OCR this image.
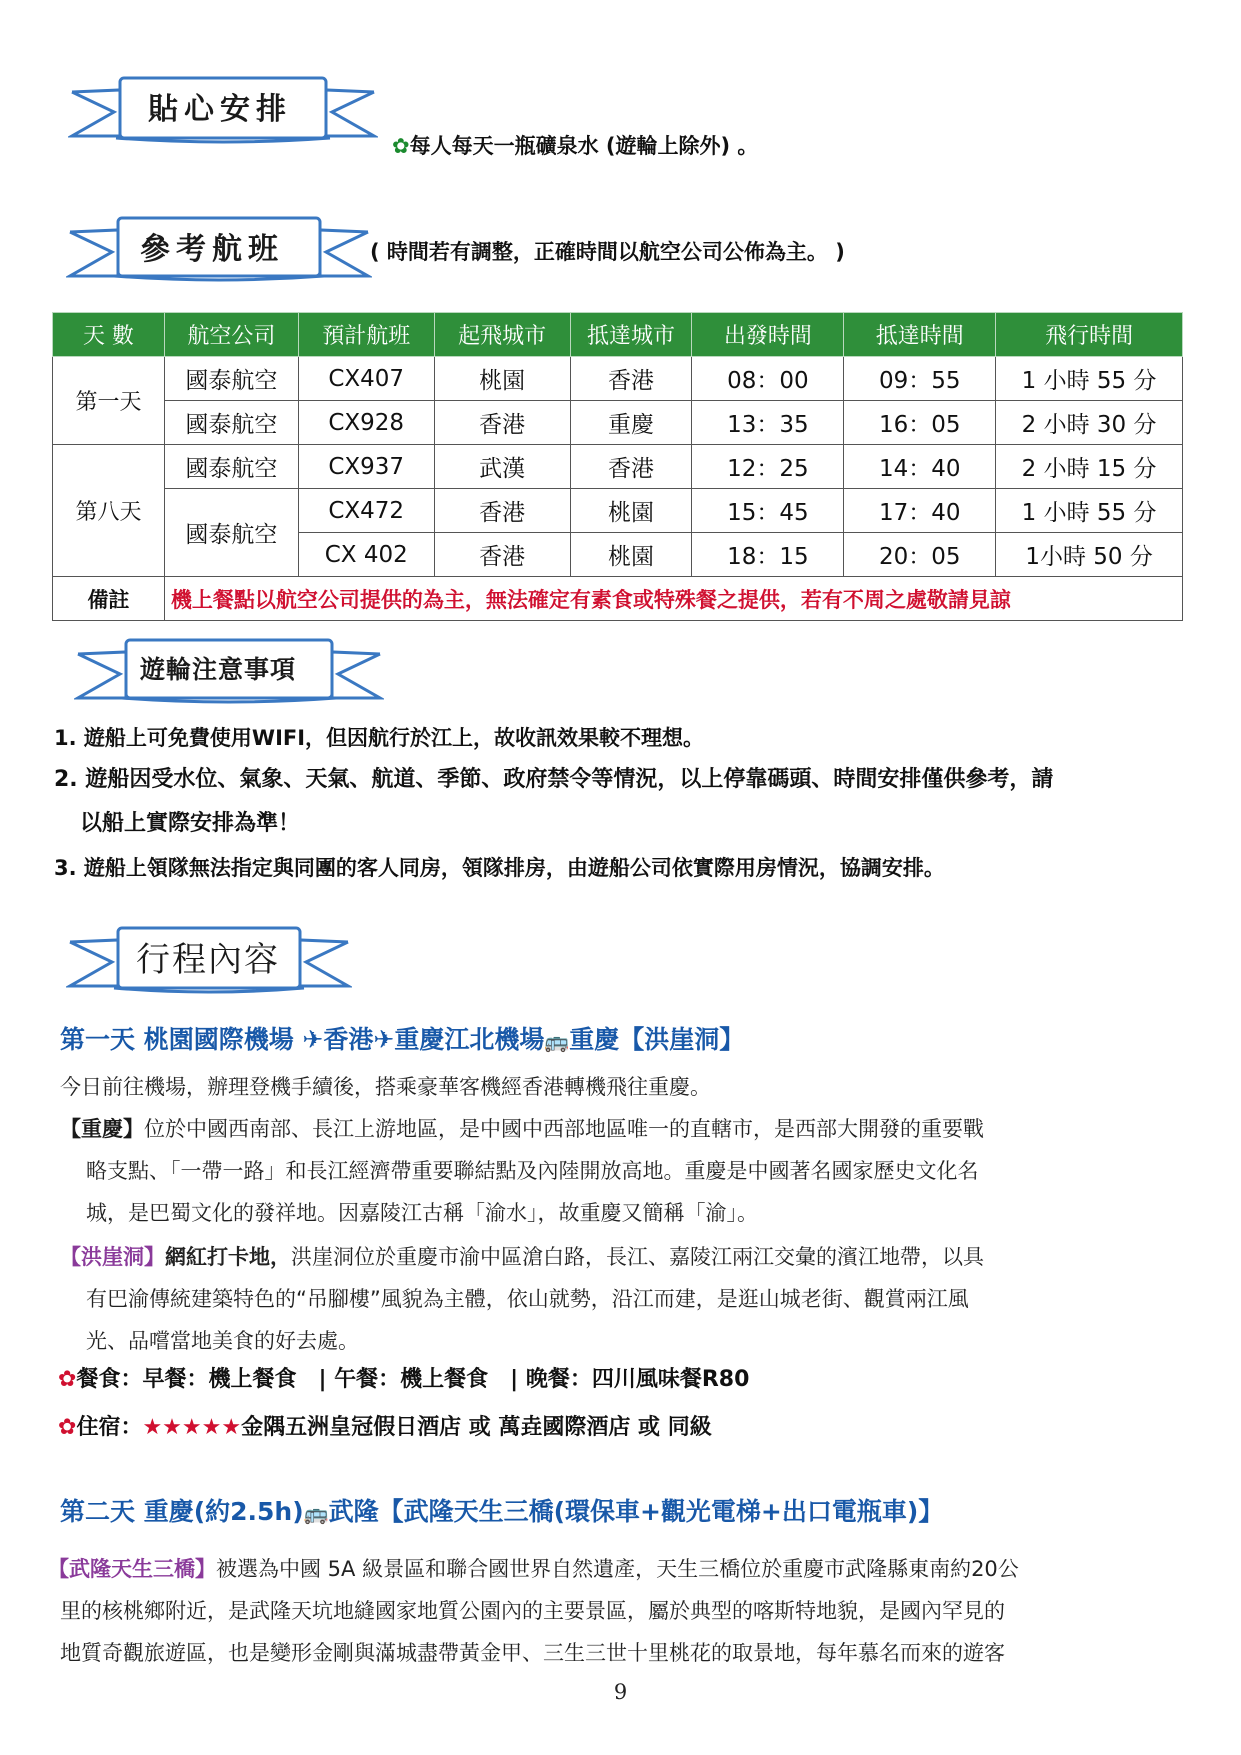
貼心安排
✿每人每天一瓶礦泉水 (遊輪上除外) 。
參考航班	( 時間若有調整，正確時間以航空公司公佈為主。 )
天 數	航空公司	預計航班	起飛城市	抵達城市	出發時間	抵達時間	飛行時間
第一天	國泰航空	CX407	桃園	香港	08：00	09：55	1 小時 55 分
	國泰航空	CX928	香港	重慶	13：35	16：05	2 小時 30 分
第八天	國泰航空	CX937	武漢	香港	12：25	14：40	2 小時 15 分
	國泰航空	CX472	香港	桃園	15：45	17：40	1 小時 55 分
		CX 402	香港	桃園	18：15	20：05	1小時 50 分
備註	機上餐點以航空公司提供的為主，無法確定有素食或特殊餐之提供，若有不周之處敬請見諒						
遊輪注意事項
1. 遊船上可免費使用WIFI，但因航行於江上，故收訊效果較不理想。
2. 遊船因受水位、氣象、天氣、航道、季節、政府禁令等情況，以上停靠碼頭、時間安排僅供參考，請
以船上實際安排為準！
3. 遊船上領隊無法指定與同團的客人同房，領隊排房，由遊船公司依實際用房情況，協調安排。
行程內容
第一天 桃園國際機場 ✈香港✈重慶江北機場🚌重慶【洪崖洞】
今日前往機場，辦理登機手續後，搭乘豪華客機經香港轉機飛往重慶。
【重慶】位於中國西南部、長江上游地區，是中國中西部地區唯一的直轄市，是西部大開發的重要戰
略支點、「一帶一路」和長江經濟帶重要聯結點及內陸開放高地。重慶是中國著名國家歷史文化名
城，是巴蜀文化的發祥地。因嘉陵江古稱「渝水」，故重慶又簡稱「渝」。
【洪崖洞】網紅打卡地，洪崖洞位於重慶市渝中區滄白路，長江、嘉陵江兩江交彙的濱江地帶，以具
有巴渝傳統建築特色的“吊腳樓”風貌為主體，依山就勢，沿江而建，是逛山城老街、觀賞兩江風
光、品嚐當地美食的好去處。
✿餐食：早餐：機上餐食　| 午餐：機上餐食　| 晚餐：四川風味餐R80
✿住宿：★★★★★金隅五洲皇冠假日酒店 或 萬垚國際酒店 或 同級
第二天 重慶(約2.5h)🚌武隆【武隆天生三橋(環保車+觀光電梯+出口電瓶車)】
【武隆天生三橋】被選為中國 5A 級景區和聯合國世界自然遺產，天生三橋位於重慶市武隆縣東南約20公
里的核桃鄉附近，是武隆天坑地縫國家地質公園內的主要景區，屬於典型的喀斯特地貌，是國內罕見的
地質奇觀旅遊區，也是變形金剛與滿城盡帶黃金甲、三生三世十里桃花的取景地，每年慕名而來的遊客
9
